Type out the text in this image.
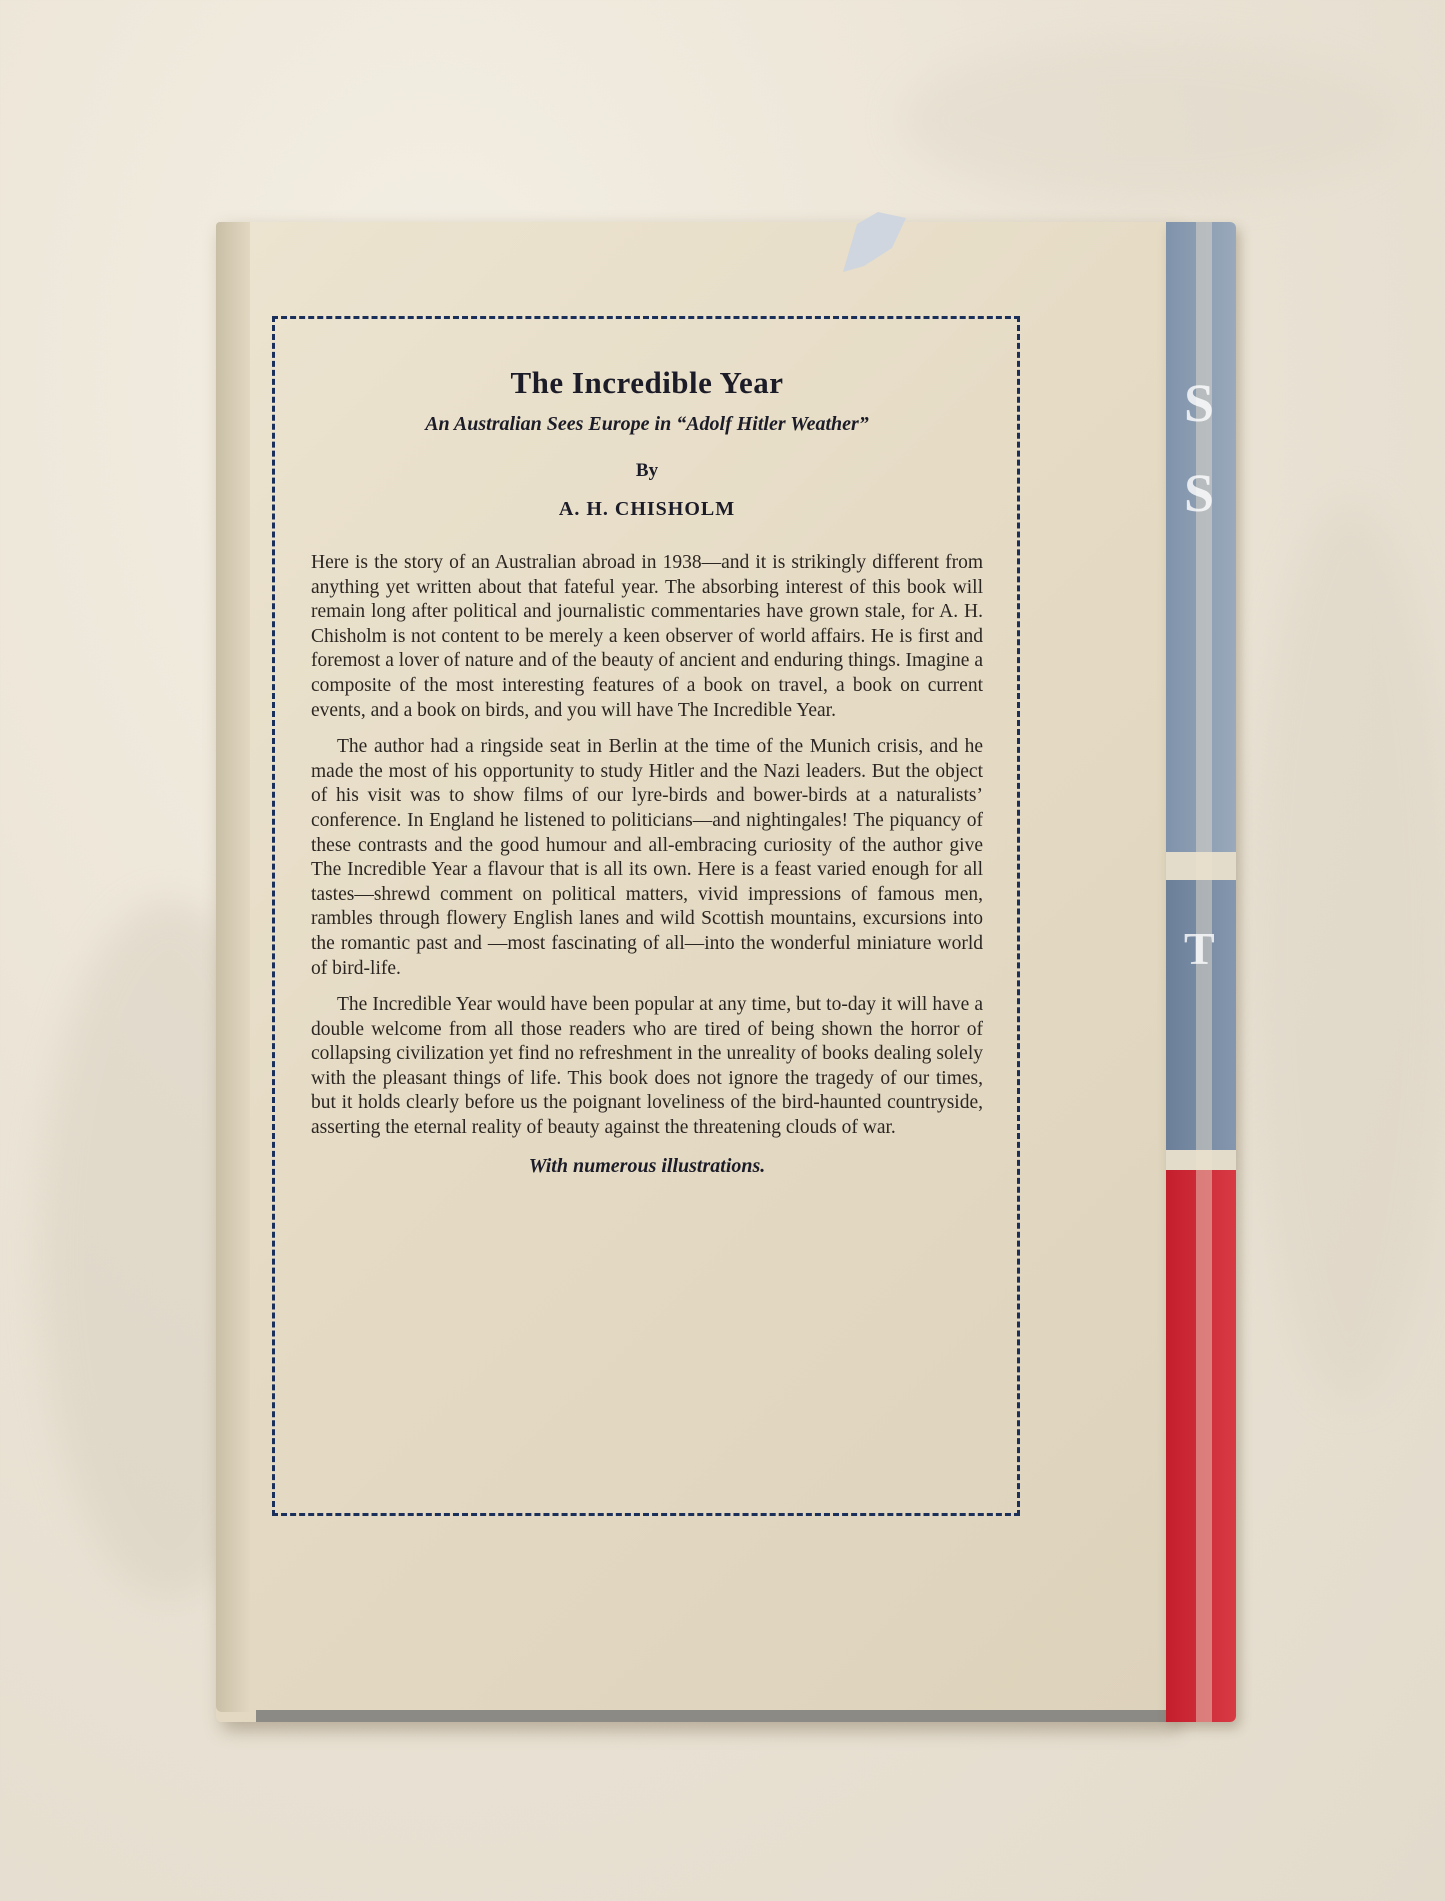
S
S
T
The Incredible Year
An Australian Sees Europe in “Adolf Hitler Weather”
By
A. H. CHISHOLM

Here is the story of an Australian abroad in 1938—and it is strikingly different from anything yet written about that fateful year. The absorbing interest of this book will remain long after political and journalistic commentaries have grown stale, for A. H. Chisholm is not content to be merely a keen observer of world affairs. He is first and foremost a lover of nature and of the beauty of ancient and enduring things. Imagine a composite of the most interesting features of a book on travel, a book on current events, and a book on birds, and you will have The Incredible Year.

The author had a ringside seat in Berlin at the time of the Munich crisis, and he made the most of his opportunity to study Hitler and the Nazi leaders. But the object of his visit was to show films of our lyre-birds and bower-birds at a naturalists’ conference. In England he listened to politicians—and nightingales! The piquancy of these contrasts and the good humour and all-embracing curiosity of the author give The Incredible Year a flavour that is all its own. Here is a feast varied enough for all tastes—shrewd comment on political matters, vivid impressions of famous men, rambles through flowery English lanes and wild Scottish mountains, excursions into the romantic past and —most fascinating of all—into the wonderful miniature world of bird-life.

The Incredible Year would have been popular at any time, but to-day it will have a double welcome from all those readers who are tired of being shown the horror of collapsing civilization yet find no refreshment in the unreality of books dealing solely with the pleasant things of life. This book does not ignore the tragedy of our times, but it holds clearly before us the poignant loveliness of the bird-haunted countryside, asserting the eternal reality of beauty against the threatening clouds of war.

With numerous illustrations.
